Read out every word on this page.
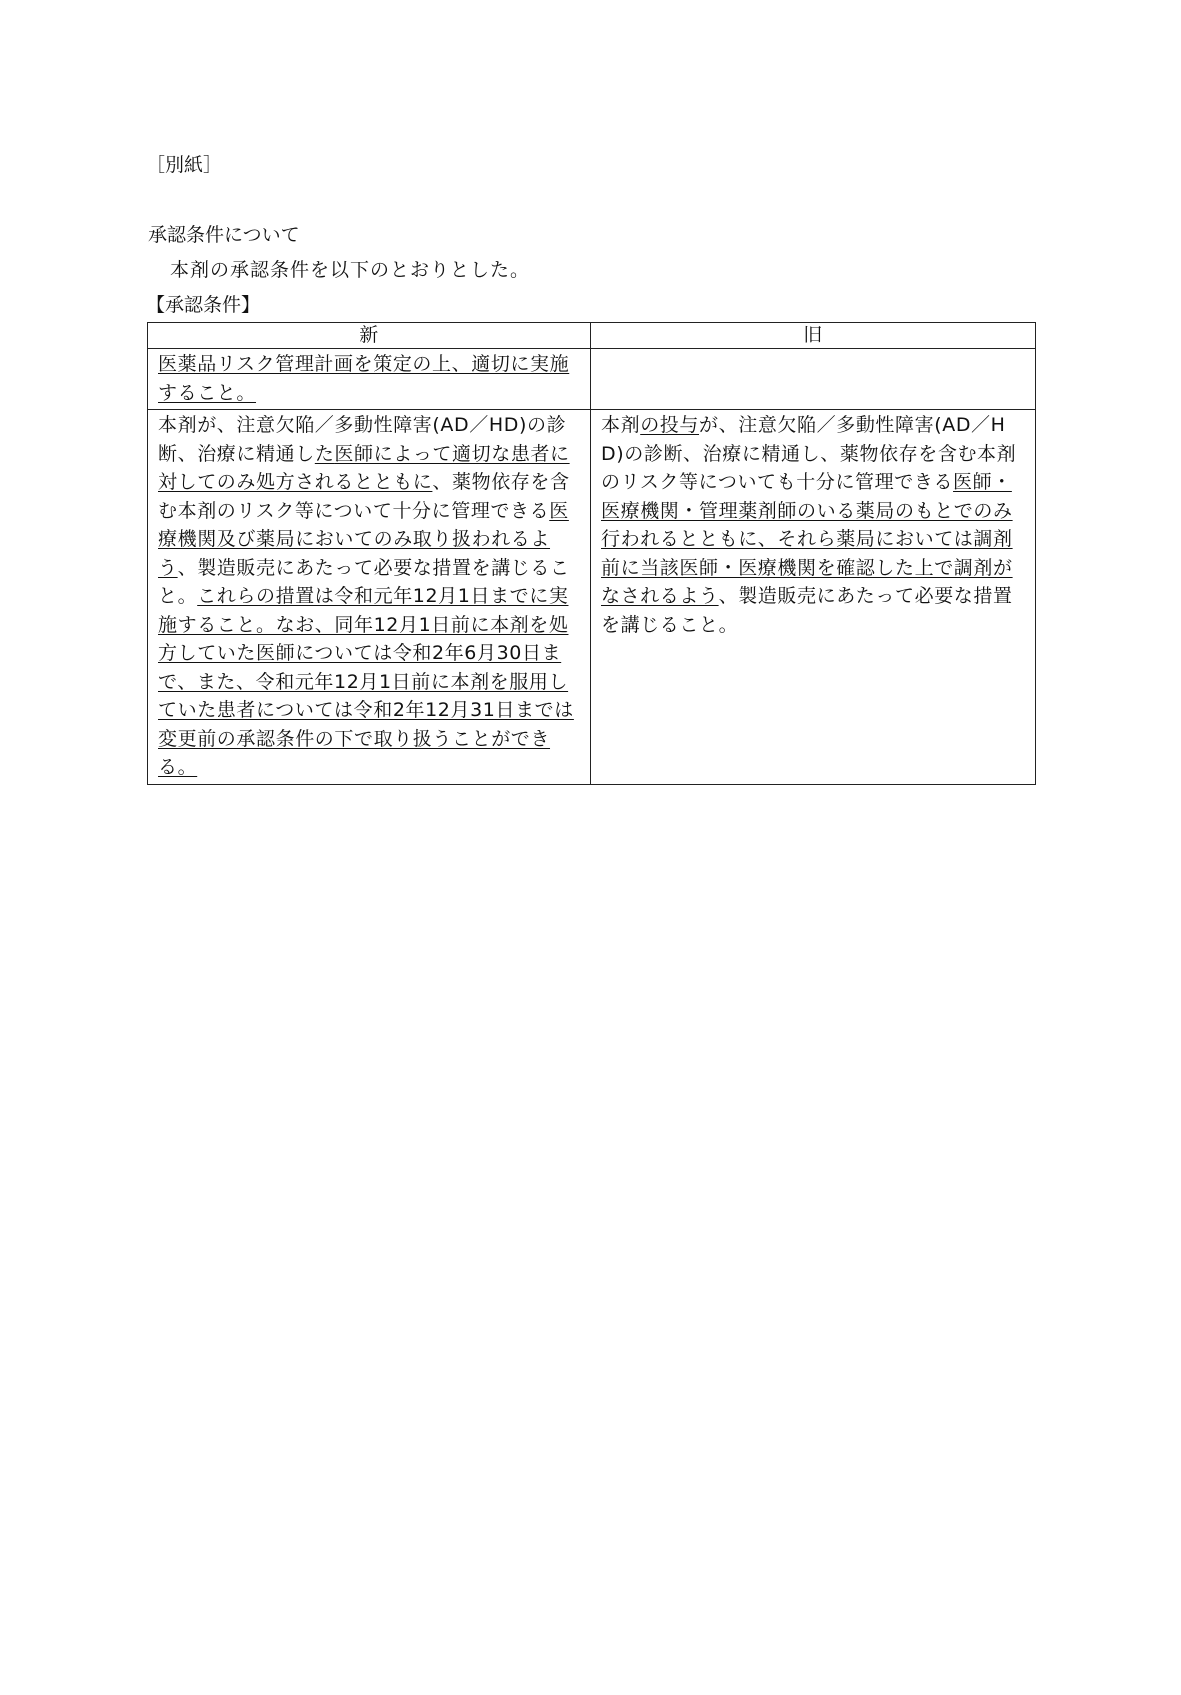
［別紙］
承認条件について
本剤の承認条件を以下のとおりとした。
【承認条件】
新	旧
医薬品リスク管理計画を策定の上、適切に実施すること。	
本剤が、注意欠陥／多動性障害(AD／HD)の診断、治療に精通した医師によって適切な患者に対してのみ処方されるとともに、薬物依存を含む本剤のリスク等について十分に管理できる医療機関及び薬局においてのみ取り扱われるよう、製造販売にあたって必要な措置を講じること。これらの措置は令和元年12月1日までに実施すること。なお、同年12月1日前に本剤を処方していた医師については令和2年6月30日まで、また、令和元年12月1日前に本剤を服用していた患者については令和2年12月31日までは変更前の承認条件の下で取り扱うことができる。	本剤の投与が、注意欠陥／多動性障害(AD／HD)の診断、治療に精通し、薬物依存を含む本剤のリスク等についても十分に管理できる医師・医療機関・管理薬剤師のいる薬局のもとでのみ行われるとともに、それら薬局においては調剤前に当該医師・医療機関を確認した上で調剤がなされるよう、製造販売にあたって必要な措置を講じること。
